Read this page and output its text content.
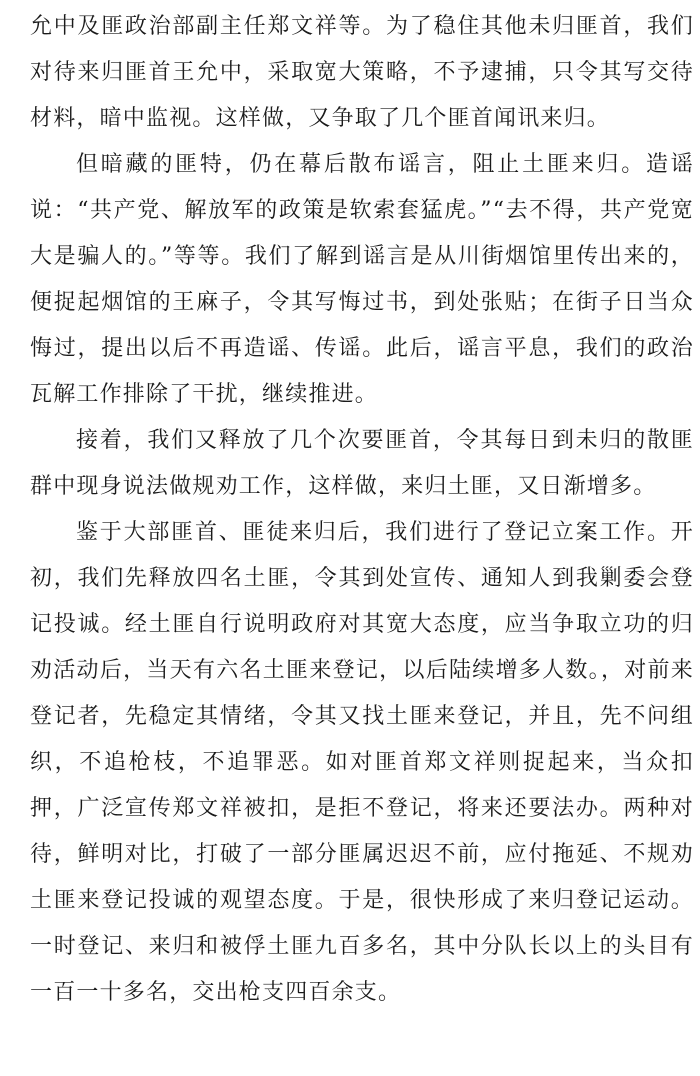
允中及匪政治部副主任郑文祥等。为了稳住其他未归匪首，我们对待来归匪首王允中，采取宽大策略，不予逮捕，只令其写交待材料，暗中监视。这样做，又争取了几个匪首闻讯来归。

但暗藏的匪特，仍在幕后散布谣言，阻止土匪来归。造谣说：“共产党、解放军的政策是软索套猛虎。”“去不得，共产党宽大是骗人的。”等等。我们了解到谣言是从川街烟馆里传出来的，便捉起烟馆的王麻子，令其写悔过书，到处张贴；在街子日当众悔过，提出以后不再造谣、传谣。此后，谣言平息，我们的政治瓦解工作排除了干扰，继续推进。

接着，我们又释放了几个次要匪首，令其每日到未归的散匪群中现身说法做规劝工作，这样做，来归土匪，又日渐增多。

鉴于大部匪首、匪徒来归后，我们进行了登记立案工作。开初，我们先释放四名土匪，令其到处宣传、通知人到我剿委会登记投诚。经土匪自行说明政府对其宽大态度，应当争取立功的归劝活动后，当天有六名土匪来登记，以后陆续增多人数。，对前来登记者，先稳定其情绪，令其又找土匪来登记，并且，先不问组织，不追枪枝，不追罪恶。如对匪首郑文祥则捉起来，当众扣押，广泛宣传郑文祥被扣，是拒不登记，将来还要法办。两种对待，鲜明对比，打破了一部分匪属迟迟不前，应付拖延、不规劝土匪来登记投诚的观望态度。于是，很快形成了来归登记运动。一时登记、来归和被俘土匪九百多名，其中分队长以上的头目有一百一十多名，交出枪支四百余支。
